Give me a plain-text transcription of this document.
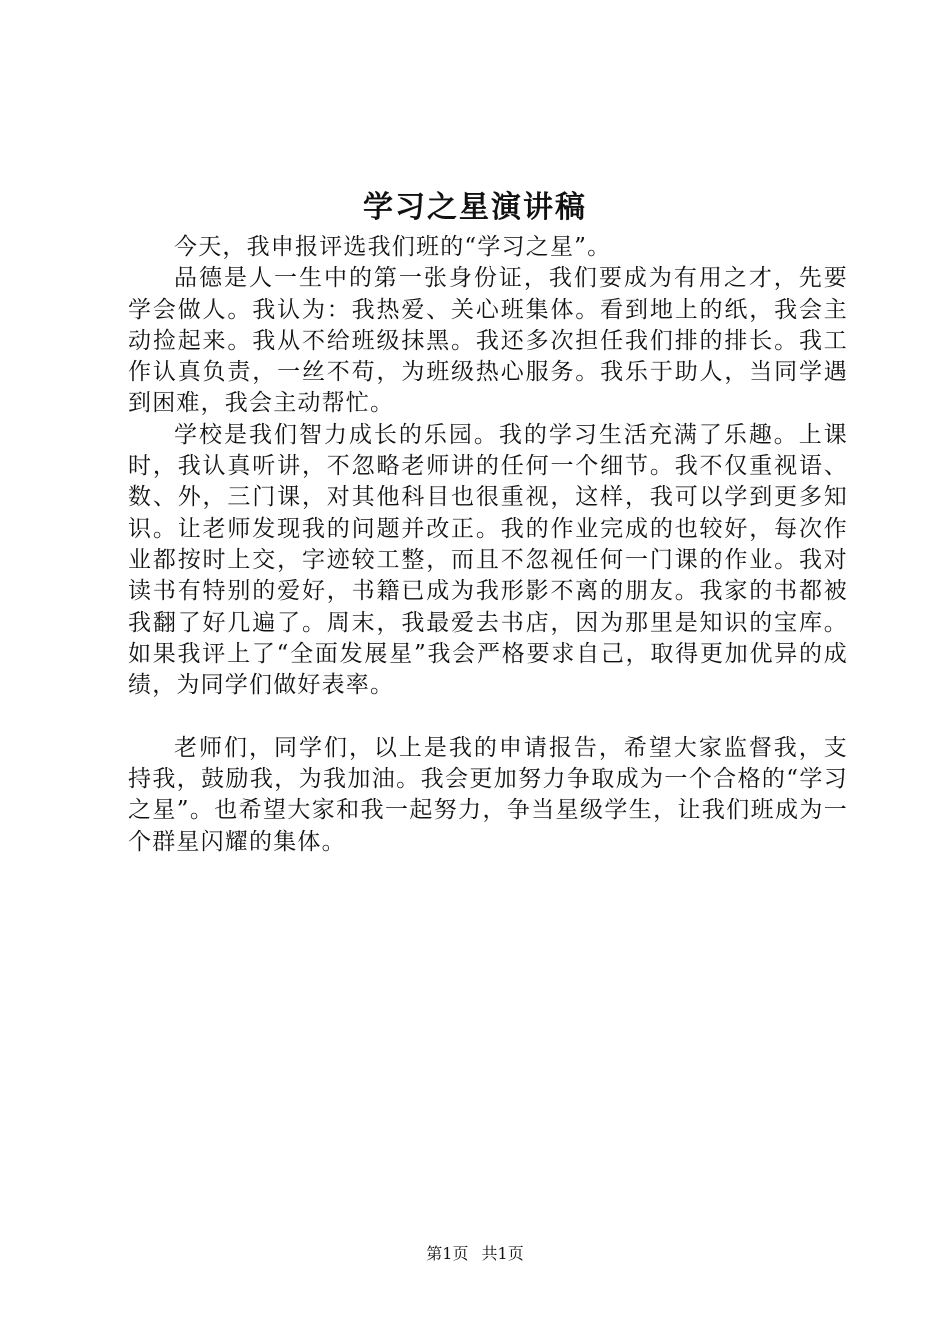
学习之星演讲稿

今天，我申报评选我们班的“学习之星”。

品德是人一生中的第一张身份证，我们要成为有用之才，先要学会做人。我认为：我热爱、关心班集体。看到地上的纸，我会主动捡起来。我从不给班级抹黑。我还多次担任我们排的排长。我工作认真负责，一丝不苟，为班级热心服务。我乐于助人，当同学遇到困难，我会主动帮忙。

学校是我们智力成长的乐园。我的学习生活充满了乐趣。上课时，我认真听讲，不忽略老师讲的任何一个细节。我不仅重视语、数、外，三门课，对其他科目也很重视，这样，我可以学到更多知识。让老师发现我的问题并改正。我的作业完成的也较好，每次作业都按时上交，字迹较工整，而且不忽视任何一门课的作业。我对读书有特别的爱好，书籍已成为我形影不离的朋友。我家的书都被我翻了好几遍了。周末，我最爱去书店，因为那里是知识的宝库。如果我评上了“全面发展星”我会严格要求自己，取得更加优异的成绩，为同学们做好表率。

老师们，同学们，以上是我的申请报告，希望大家监督我，支持我，鼓励我，为我加油。我会更加努力争取成为一个合格的“学习之星”。也希望大家和我一起努力，争当星级学生，让我们班成为一个群星闪耀的集体。

第1页 共1页
